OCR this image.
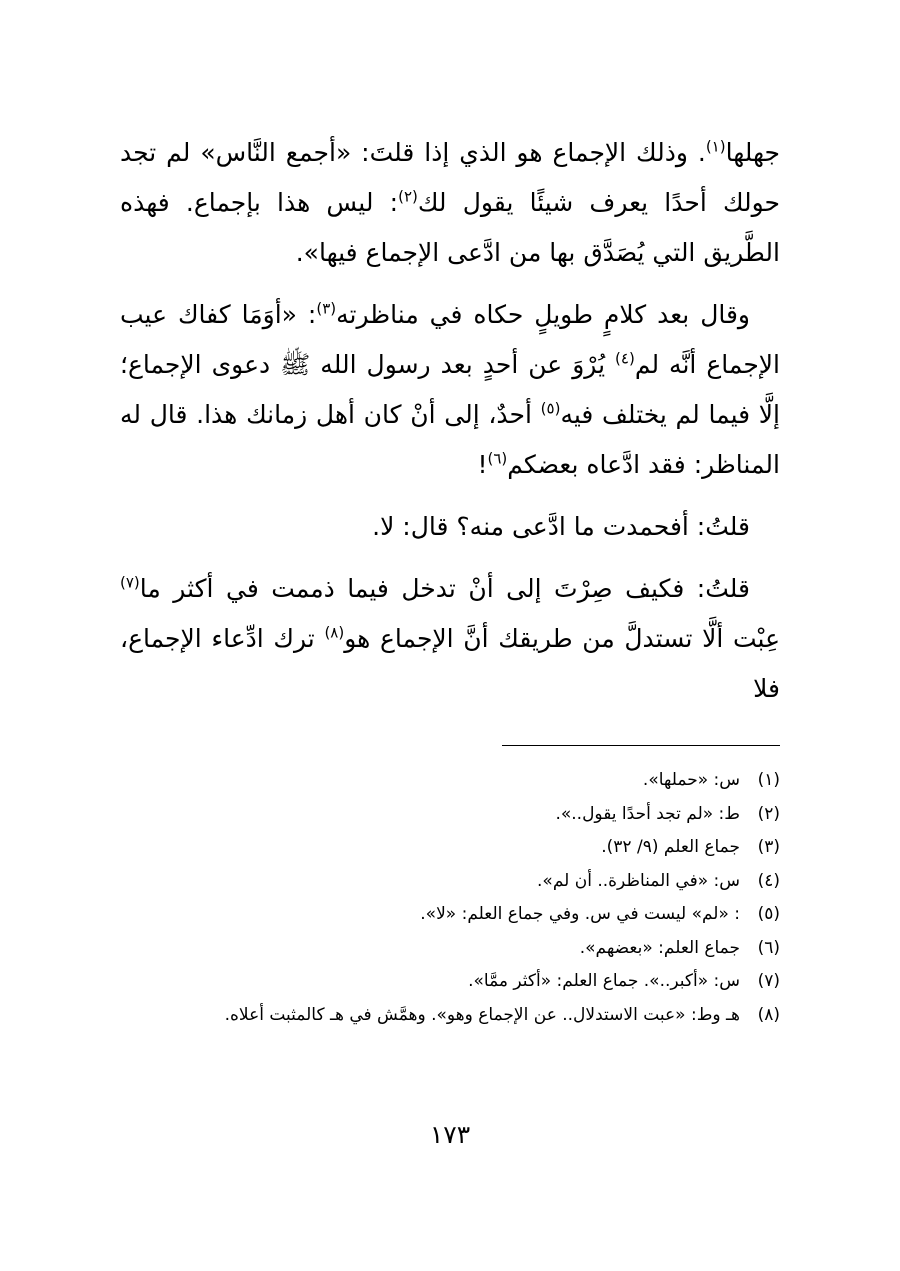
جهلها$^{(١)}$. وذلك الإجماع هو الذي إذا قلتَ: «أجمع النَّاس» لم تجد حولك أحدًا يعرف شيئًا يقول لك$^{(٢)}$: ليس هذا بإجماع. فهذه الطَّريق التي يُصَدَّق بها من ادَّعى الإجماع فيها».

وقال بعد كلامٍ طويلٍ حكاه في مناظرته$^{(٣)}$: «أوَمَا كفاك عيب الإجماع أنَّه لم$^{(٤)}$ يُرْوَ عن أحدٍ بعد رسول الله ﷺ دعوى الإجماع؛ إلَّا فيما لم يختلف فيه$^{(٥)}$ أحدٌ، إلى أنْ كان أهل زمانك هذا. قال له المناظر: فقد ادَّعاه بعضكم$^{(٦)}$!

قلتُ: أفحمدت ما ادَّعى منه؟ قال: لا.

قلتُ: فكيف صِرْتَ إلى أنْ تدخل فيما ذممت في أكثر ما$^{(٧)}$ عِبْت ألَّا تستدلَّ من طريقك أنَّ الإجماع هو$^{(٨)}$ ترك ادِّعاء الإجماع، فلا

(١)
س: «حملها».
(٢)
ط: «لم تجد أحدًا يقول..».
(٣)
جماع العلم (٩/ ٣٢).
(٤)
س: «في المناظرة.. أن لم».
(٥)
: «لم» ليست في س. وفي جماع العلم: «لا».
(٦)
جماع العلم: «بعضهم».
(٧)
س: «أكبر..». جماع العلم: «أكثر ممَّا».
(٨)
هـ وط: «عبت الاستدلال.. عن الإجماع وهو». وهمَّش في هـ كالمثبت أعلاه.
١٧٣
